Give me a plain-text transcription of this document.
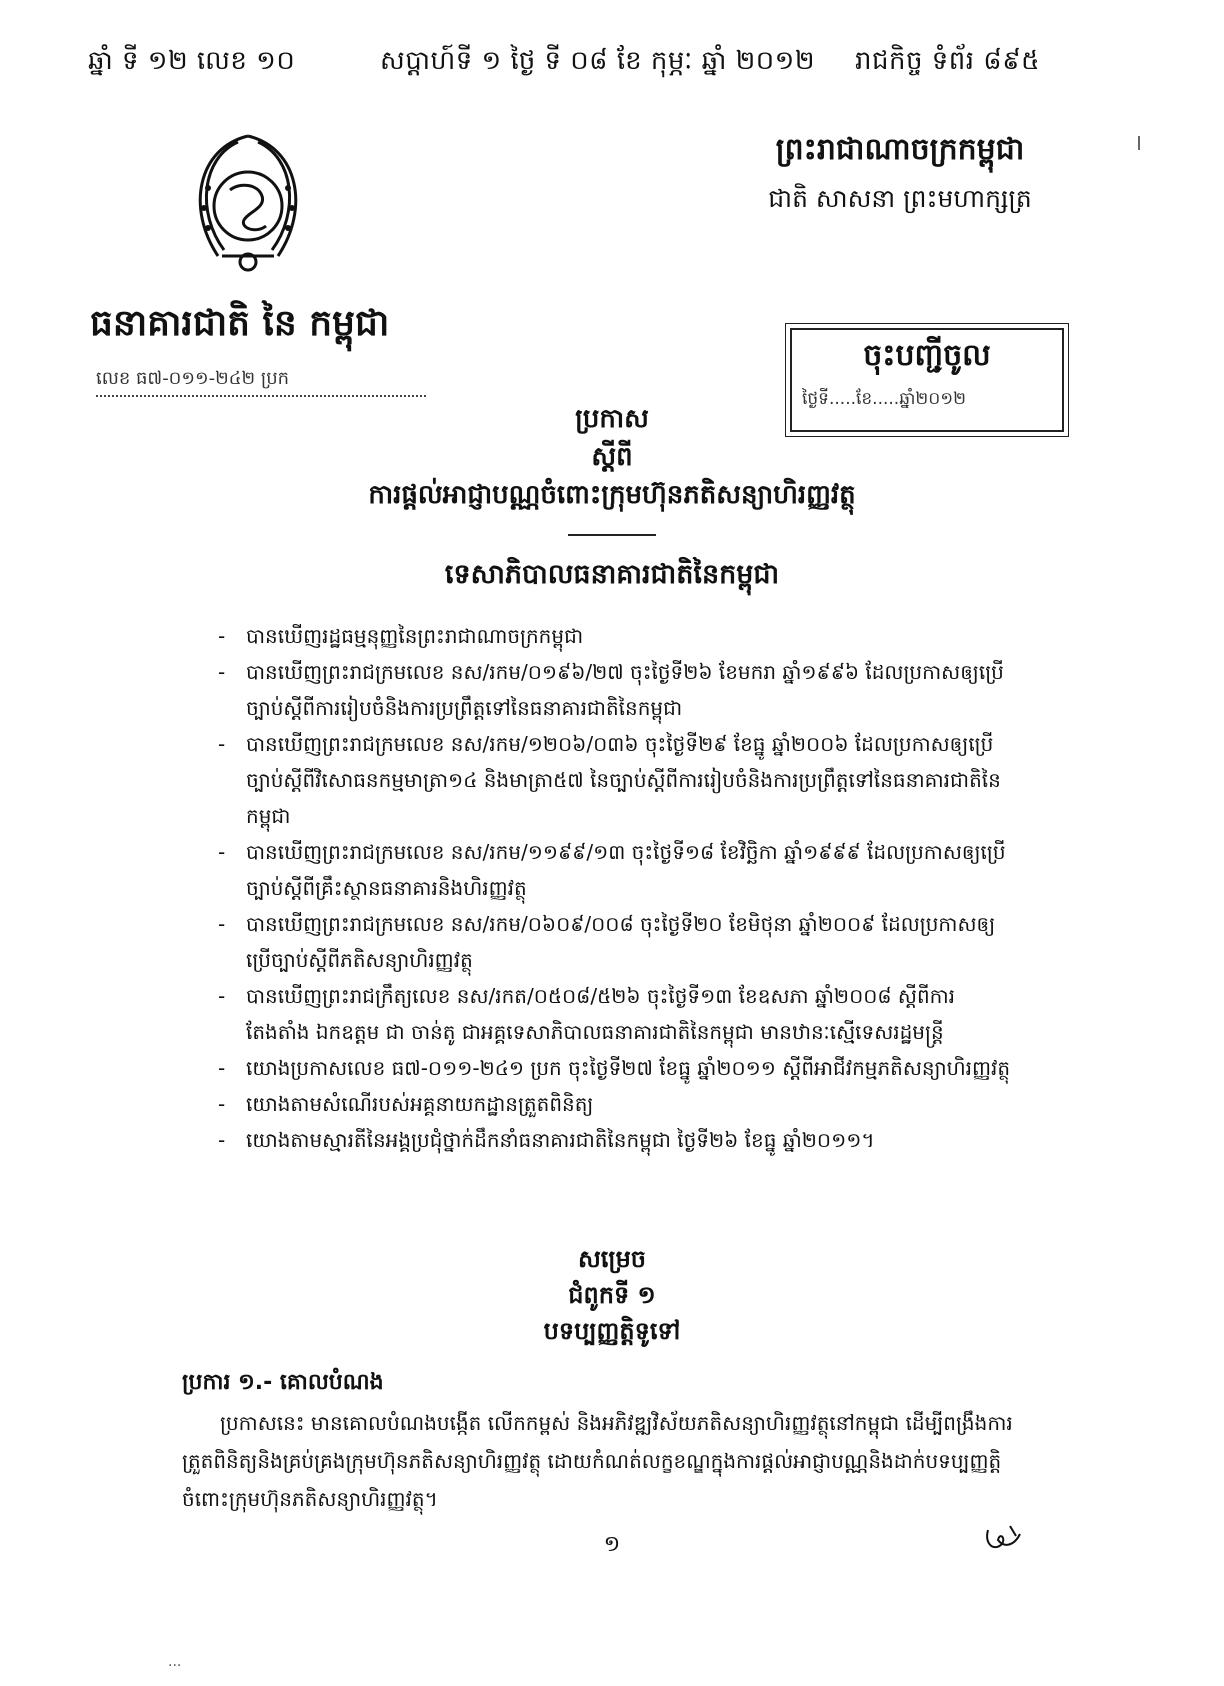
ឆ្នាំ ទី ១២ លេខ ១០	សប្តាហ៍ទី ១ ថ្ងៃ ទី ០៨ ខែ កុម្ភៈ ឆ្នាំ ២០១២ រាជកិច្ច ទំព័រ ៨៩៥
ព្រះរាជាណាចក្រកម្ពុជា
ជាតិ សាសនា ព្រះមហាក្សត្រ
ធនាគារជាតិ នៃ កម្ពុជា
លេខ ធ៧-០១១-២៤២ ប្រក
ចុះបញ្ជីចូល
ថ្ងៃទី.....ខែ.....ឆ្នាំ២០១២
ប្រកាស
ស្តីពី
ការផ្តល់អាជ្ញាបណ្ណចំពោះក្រុមហ៊ុនភតិសន្យាហិរញ្ញវត្ថុ
ទេសាភិបាលធនាគារជាតិនៃកម្ពុជា
- បានឃើញរដ្ឋធម្មនុញ្ញនៃព្រះរាជាណាចក្រកម្ពុជា
- បានឃើញព្រះរាជក្រមលេខ នស/រកម/០១៩៦/២៧ ចុះថ្ងៃទី២៦ ខែមករា ឆ្នាំ១៩៩៦ ដែលប្រកាសឲ្យប្រើច្បាប់ស្តីពីការរៀបចំនិងការប្រព្រឹត្តទៅនៃធនាគារជាតិនៃកម្ពុជា
- បានឃើញព្រះរាជក្រមលេខ នស/រកម/១២០៦/០៣៦ ចុះថ្ងៃទី២៩ ខែធ្នូ ឆ្នាំ២០០៦ ដែលប្រកាសឲ្យប្រើច្បាប់ស្តីពីវិសោធនកម្មមាត្រា១៤ និងមាត្រា៥៧ នៃច្បាប់ស្តីពីការរៀបចំនិងការប្រព្រឹត្តទៅនៃធនាគារជាតិនៃកម្ពុជា
- បានឃើញព្រះរាជក្រមលេខ នស/រកម/១១៩៩/១៣ ចុះថ្ងៃទី១៨ ខែវិច្ឆិកា ឆ្នាំ១៩៩៩ ដែលប្រកាសឲ្យប្រើច្បាប់ស្តីពីគ្រឹះស្ថានធនាគារនិងហិរញ្ញវត្ថុ
- បានឃើញព្រះរាជក្រមលេខ នស/រកម/០៦០៩/០០៨ ចុះថ្ងៃទី២០ ខែមិថុនា ឆ្នាំ២០០៩ ដែលប្រកាសឲ្យប្រើច្បាប់ស្តីពីភតិសន្យាហិរញ្ញវត្ថុ
- បានឃើញព្រះរាជក្រឹត្យលេខ នស/រកត/០៥០៨/៥២៦ ចុះថ្ងៃទី១៣ ខែឧសភា ឆ្នាំ២០០៨ ស្តីពីការតែងតាំង ឯកឧត្តម ជា ចាន់តូ ជាអគ្គទេសាភិបាលធនាគារជាតិនៃកម្ពុជា មានឋានៈស្មើទេសរដ្ឋមន្ត្រី
- យោងប្រកាសលេខ ធ៧-០១១-២៤១ ប្រក ចុះថ្ងៃទី២៧ ខែធ្នូ ឆ្នាំ២០១១ ស្តីពីអាជីវកម្មភតិសន្យាហិរញ្ញវត្ថុ
- យោងតាមសំណើរបស់អគ្គនាយកដ្ឋានត្រួតពិនិត្យ
- យោងតាមស្មារតីនៃអង្គប្រជុំថ្នាក់ដឹកនាំធនាគារជាតិនៃកម្ពុជា ថ្ងៃទី២៦ ខែធ្នូ ឆ្នាំ២០១១។
សម្រេច
ជំពូកទី ១
បទប្បញ្ញត្តិទូទៅ
ប្រការ ១.- គោលបំណង

ប្រកាសនេះ មានគោលបំណងបង្កើត លើកកម្ពស់ និងអភិវឌ្ឍវិស័យភតិសន្យាហិរញ្ញវត្ថុនៅកម្ពុជា ដើម្បីពង្រឹងការត្រួតពិនិត្យនិងគ្រប់គ្រងក្រុមហ៊ុនភតិសន្យាហិរញ្ញវត្ថុ ដោយកំណត់លក្ខខណ្ឌក្នុងការផ្តល់អាជ្ញាបណ្ណនិងដាក់បទប្បញ្ញត្តិចំពោះក្រុមហ៊ុនភតិសន្យាហិរញ្ញវត្ថុ។

១
···
